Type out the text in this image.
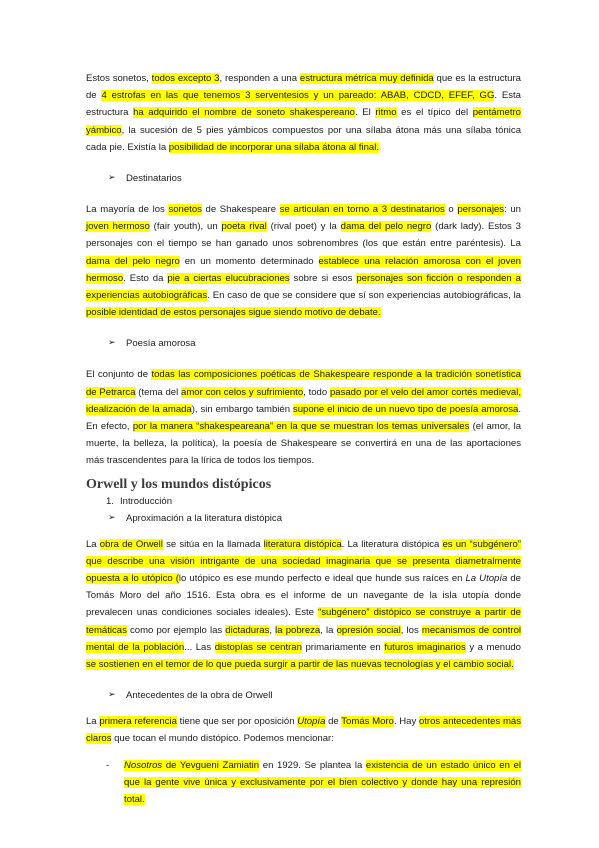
Estos sonetos, todos excepto 3, responden a una estructura métrica muy definida que es la estructura de 4 estrofas en las que tenemos 3 serventesios y un pareado: ABAB, CDCD, EFEF, GG. Esta estructura ha adquirido el nombre de soneto shakespereano. El ritmo es el típico del pentámetro yámbico, la sucesión de 5 pies yámbicos compuestos por una sílaba átona más una sílaba tónica cada pie. Existía la posibilidad de incorporar una sílaba átona al final.

➢	Destinatarios

La mayoría de los sonetos de Shakespeare se articulan en torno a 3 destinatarios o personajes: un joven hermoso (fair youth), un poeta rival (rival poet) y la dama del pelo negro (dark lady). Estos 3 personajes con el tiempo se han ganado unos sobrenombres (los que están entre paréntesis). La dama del pelo negro en un momento determinado establece una relación amorosa con el joven hermoso. Esto da pie a ciertas elucubraciones sobre si esos personajes son ficción o responden a experiencias autobiográficas. En caso de que se considere que sí son experiencias autobiográficas, la posible identidad de estos personajes sigue siendo motivo de debate.

➢	Poesía amorosa

El conjunto de todas las composiciones poéticas de Shakespeare responde a la tradición sonetística de Petrarca (tema del amor con celos y sufrimiento, todo pasado por el velo del amor cortés medieval, idealización de la amada), sin embargo también supone el inicio de un nuevo tipo de poesía amorosa. En efecto, por la manera “shakespeareana” en la que se muestran los temas universales (el amor, la muerte, la belleza, la política), la poesía de Shakespeare se convertirá en una de las aportaciones más trascendentes para la lírica de todos los tiempos.

Orwell y los mundos distópicos
1. Introducción
➢	Aproximación a la literatura distópica

La obra de Orwell se sitúa en la llamada literatura distópica. La literatura distópica es un “subgénero” que describe una visión intrigante de una sociedad imaginaria que se presenta diametralmente opuesta a lo utópico (lo utópico es ese mundo perfecto e ideal que hunde sus raíces en La Utopía de Tomás Moro del año 1516. Esta obra es el informe de un navegante de la isla utopía donde prevalecen unas condiciones sociales ideales). Este “subgénero” distópico se construye a partir de temáticas como por ejemplo las dictaduras, la pobreza, la opresión social, los mecanismos de control mental de la población... Las distopías se centran primariamente en futuros imaginarios y a menudo se sostienen en el temor de lo que pueda surgir a partir de las nuevas tecnologías y el cambio social.

➢	Antecedentes de la obra de Orwell

La primera referencia tiene que ser por oposición Utopía de Tomás Moro. Hay otros antecedentes más claros que tocan el mundo distópico. Podemos mencionar:

-	Nosotros de Yevgueni Zamiatin en 1929. Se plantea la existencia de un estado único en el que la gente vive única y exclusivamente por el bien colectivo y donde hay una represión total.
